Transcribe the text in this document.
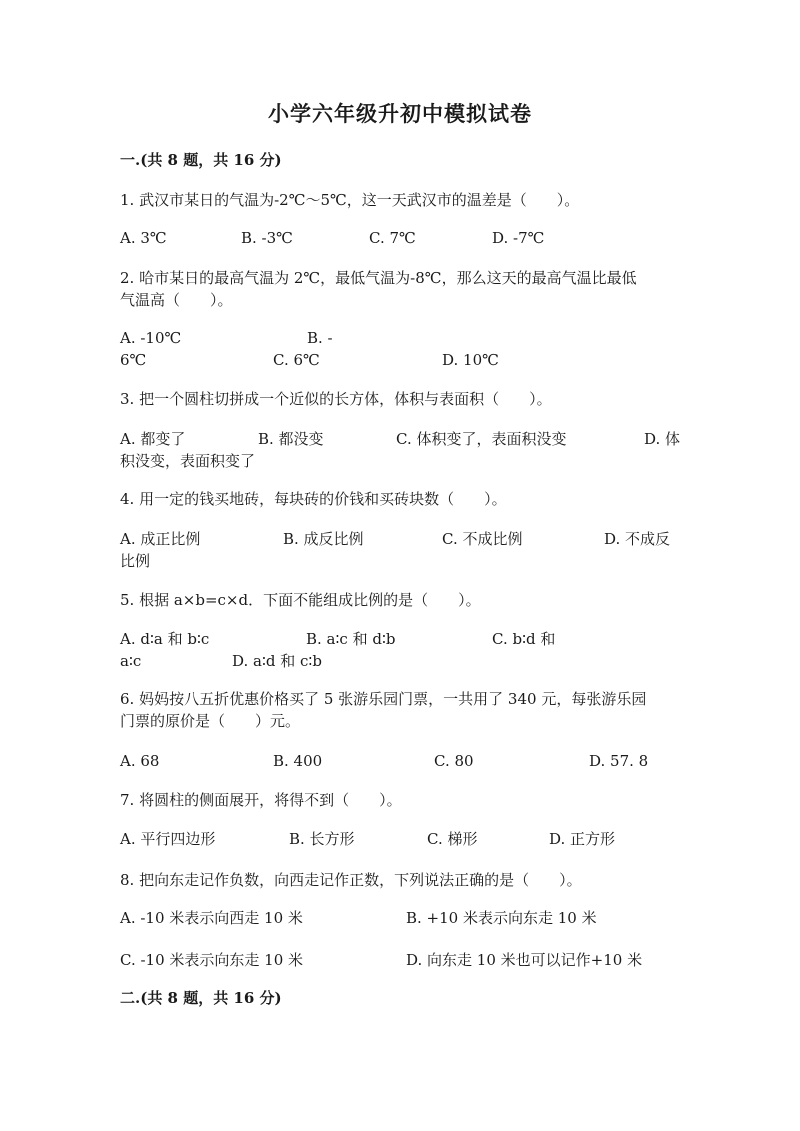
小学六年级升初中模拟试卷
一.(共 8 题，共 16 分)
1. 武汉市某日的气温为-2℃～5℃，这一天武汉市的温差是（　　）。
A. 3℃	B. -3℃	C. 7℃	D. -7℃
2. 哈市某日的最高气温为 2℃，最低气温为-8℃，那么这天的最高气温比最低
气温高（　　）。
A. -10℃	B. -
6℃	C. 6℃	D. 10℃
3. 把一个圆柱切拼成一个近似的长方体，体积与表面积（　　）。
A. 都变了	B. 都没变	C. 体积变了，表面积没变	D. 体
积没变，表面积变了
4. 用一定的钱买地砖，每块砖的价钱和买砖块数（　　）。
A. 成正比例	B. 成反比例	C. 不成比例	D. 不成反
比例
5. 根据 a×b=c×d．下面不能组成比例的是（　　）。
A. d∶a 和 b∶c	B. a∶c 和 d∶b	C. b∶d 和
a∶c	D. a∶d 和 c∶b
6. 妈妈按八五折优惠价格买了 5 张游乐园门票，一共用了 340 元，每张游乐园
门票的原价是（　　）元。
A. 68	B. 400	C. 80	D. 57. 8
7. 将圆柱的侧面展开，将得不到（　　）。
A. 平行四边形	B. 长方形	C. 梯形	D. 正方形
8. 把向东走记作负数，向西走记作正数，下列说法正确的是（　　）。
A. -10 米表示向西走 10 米	B. +10 米表示向东走 10 米
C. -10 米表示向东走 10 米	D. 向东走 10 米也可以记作+10 米
二.(共 8 题，共 16 分)
